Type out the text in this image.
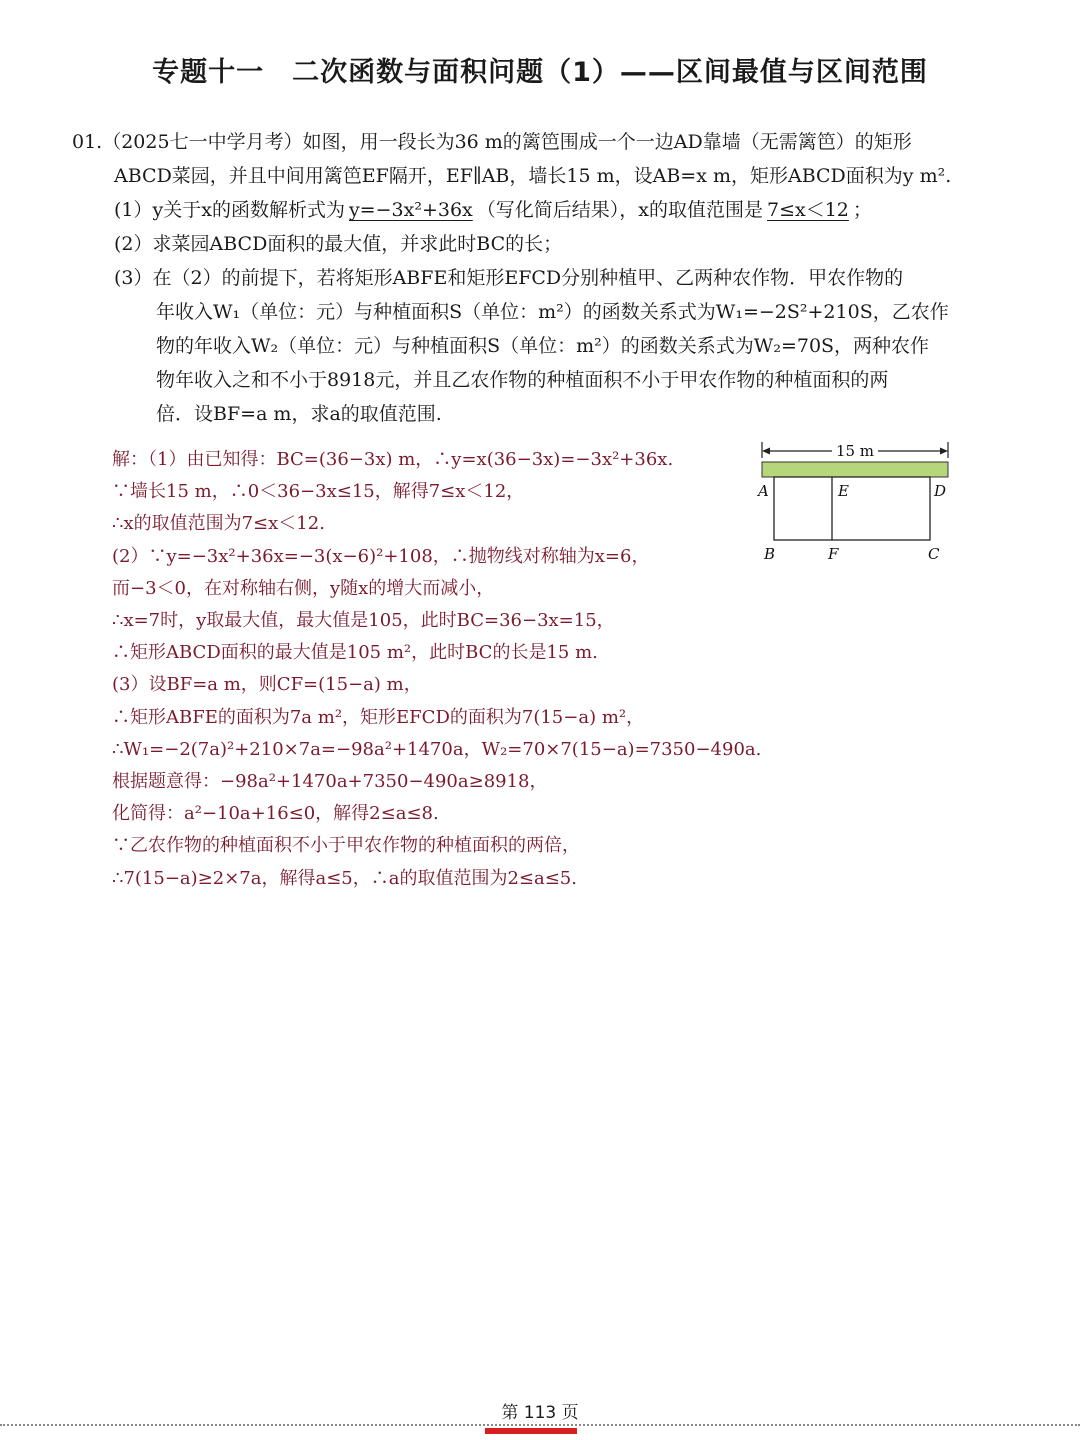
专题十一　二次函数与面积问题（1）——区间最值与区间范围
01.（2025七一中学月考）如图，用一段长为36 m的篱笆围成一个一边AD靠墙（无需篱笆）的矩形
ABCD菜园，并且中间用篱笆EF隔开，EF∥AB，墙长15 m，设AB=x m，矩形ABCD面积为y m².
(1）y关于x的函数解析式为 y=−3x²+36x （写化简后结果），x的取值范围是 7≤x＜12 ；
(2）求菜园ABCD面积的最大值，并求此时BC的长；
(3）在（2）的前提下，若将矩形ABFE和矩形EFCD分别种植甲、乙两种农作物．甲农作物的
年收入W₁（单位：元）与种植面积S（单位：m²）的函数关系式为W₁=−2S²+210S，乙农作
物的年收入W₂（单位：元）与种植面积S（单位：m²）的函数关系式为W₂=70S，两种农作
物年收入之和不小于8918元，并且乙农作物的种植面积不小于甲农作物的种植面积的两
倍．设BF=a m，求a的取值范围.
解：（1）由已知得：BC=(36−3x) m，∴y=x(36−3x)=−3x²+36x.
∵墙长15 m，∴0＜36−3x≤15，解得7≤x＜12，
∴x的取值范围为7≤x＜12.
(2）∵y=−3x²+36x=−3(x−6)²+108，∴抛物线对称轴为x=6，
而−3＜0，在对称轴右侧，y随x的增大而减小，
∴x=7时，y取最大值，最大值是105，此时BC=36−3x=15，
∴矩形ABCD面积的最大值是105 m²，此时BC的长是15 m.
(3）设BF=a m，则CF=(15−a) m，
∴矩形ABFE的面积为7a m²，矩形EFCD的面积为7(15−a) m²，
∴W₁=−2(7a)²+210×7a=−98a²+1470a，W₂=70×7(15−a)=7350−490a.
根据题意得：−98a²+1470a+7350−490a≥8918，
化简得：a²−10a+16≤0，解得2≤a≤8.
∵乙农作物的种植面积不小于甲农作物的种植面积的两倍，
∴7(15−a)≥2×7a，解得a≤5，∴a的取值范围为2≤a≤5.
15 m
A	E	D
B	F	C
第 113 页
